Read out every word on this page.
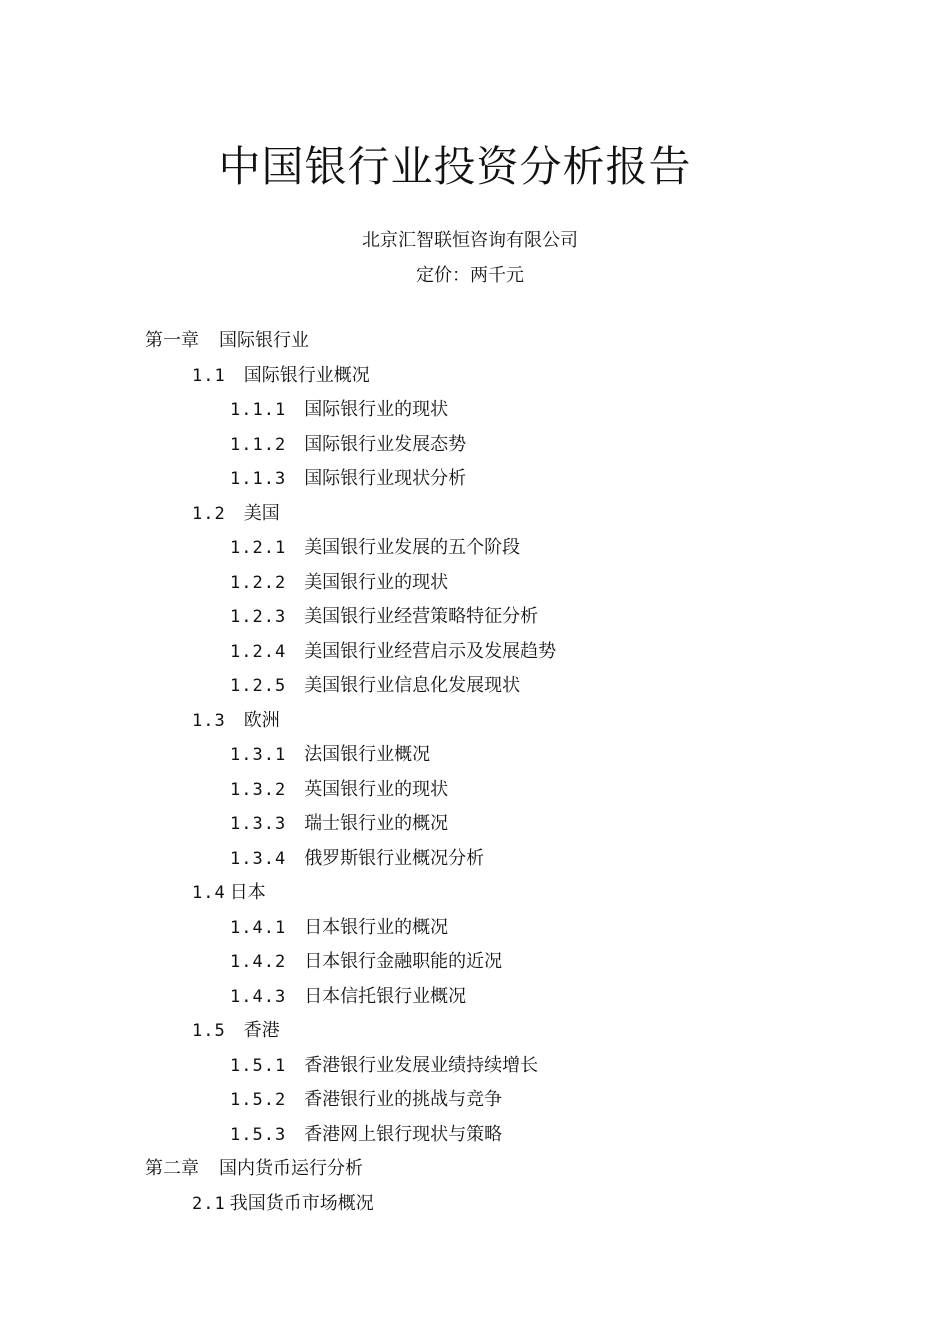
中国银行业投资分析报告
北京汇智联恒咨询有限公司
定价：两千元
第一章 国际银行业
1.1 国际银行业概况
1.1.1 国际银行业的现状
1.1.2 国际银行业发展态势
1.1.3 国际银行业现状分析
1.2 美国
1.2.1 美国银行业发展的五个阶段
1.2.2 美国银行业的现状
1.2.3 美国银行业经营策略特征分析
1.2.4 美国银行业经营启示及发展趋势
1.2.5 美国银行业信息化发展现状
1.3 欧洲
1.3.1 法国银行业概况
1.3.2 英国银行业的现状
1.3.3 瑞士银行业的概况
1.3.4 俄罗斯银行业概况分析
1.4 日本
1.4.1 日本银行业的概况
1.4.2 日本银行金融职能的近况
1.4.3 日本信托银行业概况
1.5 香港
1.5.1 香港银行业发展业绩持续增长
1.5.2 香港银行业的挑战与竞争
1.5.3 香港网上银行现状与策略
第二章 国内货币运行分析
2.1 我国货币市场概况
